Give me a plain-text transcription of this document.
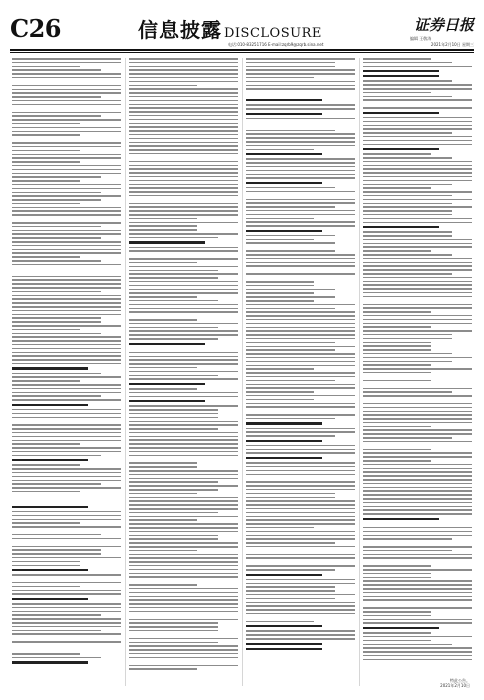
C26	信息披露 DISCLOSURE	编辑 王敬涛
证券日报
电话:010-83251716 E-mail:zqrb9@zqrb.sina.net	2021年2月10日 星期三
特此公告。
2021年2月10日
